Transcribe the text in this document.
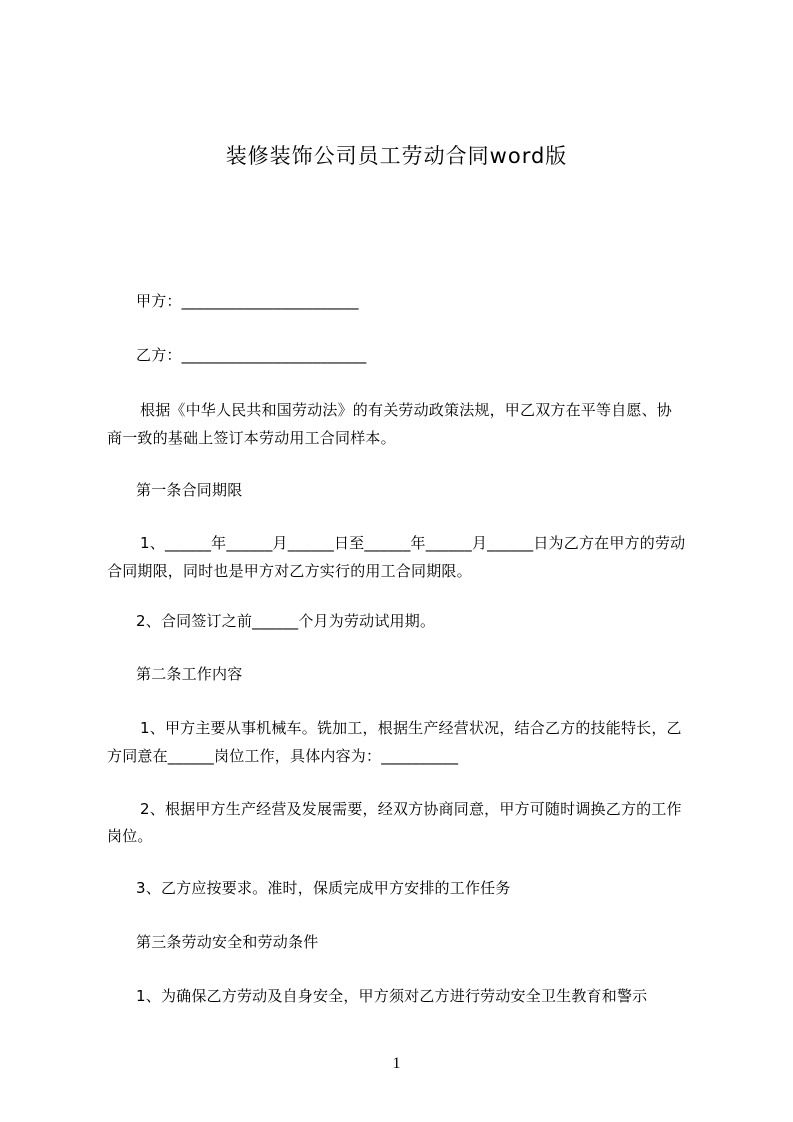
装修装饰公司员工劳动合同word版
甲方：_______________________
乙方：________________________
根据《中华人民共和国劳动法》的有关劳动政策法规，甲乙双方在平等自愿、协
商一致的基础上签订本劳动用工合同样本。
第一条合同期限
1、______年______月______日至______年______月______日为乙方在甲方的劳动
合同期限，同时也是甲方对乙方实行的用工合同期限。
2、合同签订之前______个月为劳动试用期。
第二条工作内容
1、甲方主要从事机械车。铣加工，根据生产经营状况，结合乙方的技能特长，乙
方同意在______岗位工作，具体内容为：__________
2、根据甲方生产经营及发展需要，经双方协商同意，甲方可随时调换乙方的工作
岗位。
3、乙方应按要求。准时，保质完成甲方安排的工作任务
第三条劳动安全和劳动条件
1、为确保乙方劳动及自身安全，甲方须对乙方进行劳动安全卫生教育和警示
1
